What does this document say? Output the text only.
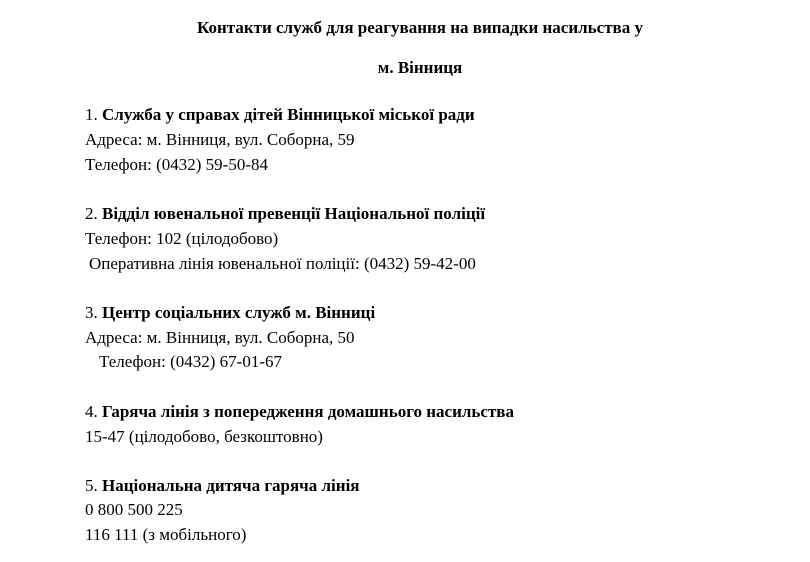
Контакти служб для реагування на випадки насильства у
м. Вінниця
1. Служба у справах дітей Вінницької міської ради
Адреса: м. Вінниця, вул. Соборна, 59
Телефон: (0432) 59-50-84
2. Відділ ювенальної превенції Національної поліції
Телефон: 102 (цілодобово)
Оперативна лінія ювенальної поліції: (0432) 59-42-00
3. Центр соціальних служб м. Вінниці
Адреса: м. Вінниця, вул. Соборна, 50
Телефон: (0432) 67-01-67
4. Гаряча лінія з попередження домашнього насильства
15-47 (цілодобово, безкоштовно)
5. Національна дитяча гаряча лінія
0 800 500 225
116 111 (з мобільного)
